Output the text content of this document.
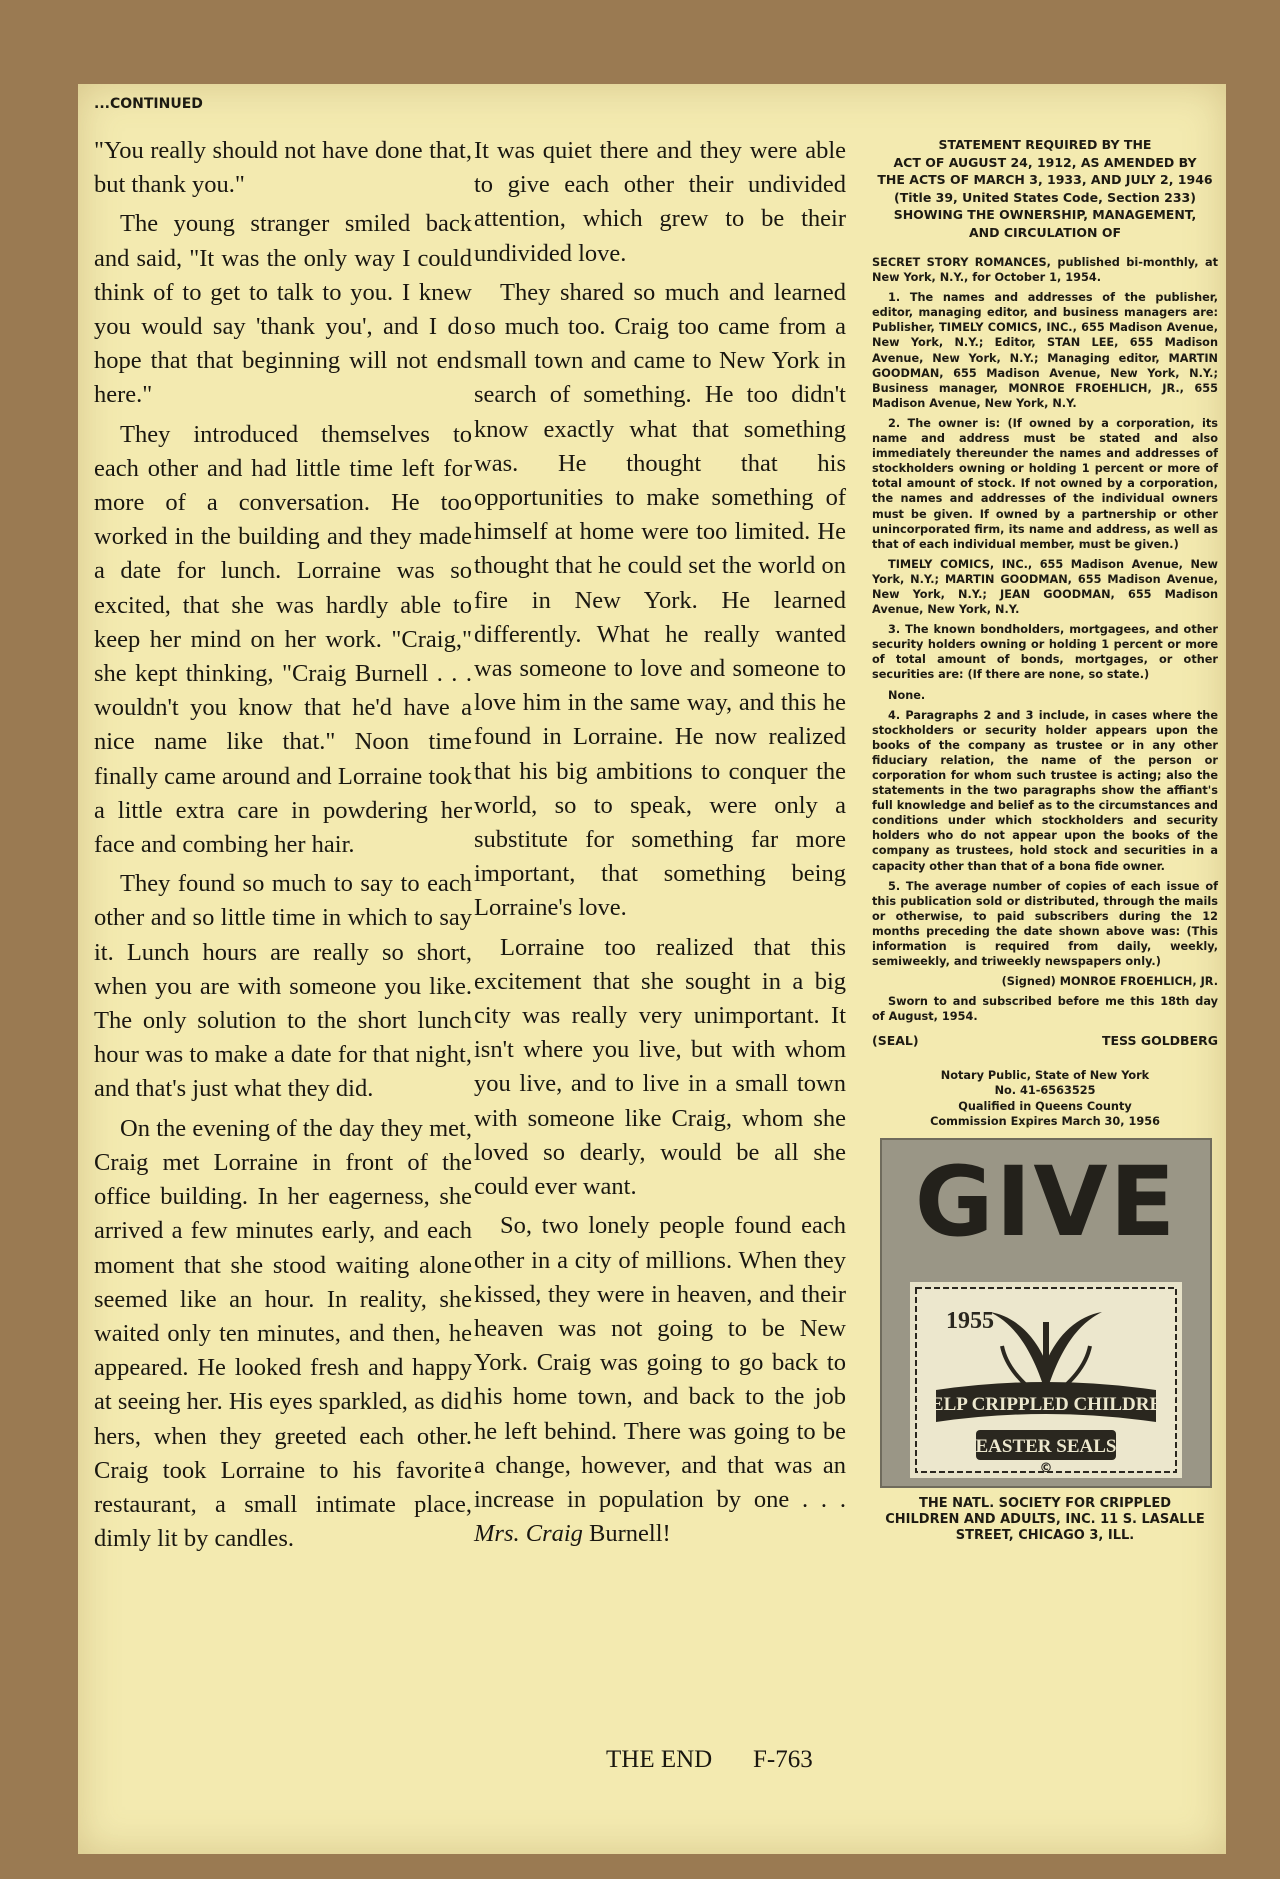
...CONTINUED

"You really should not have done that, but thank you."

The young stranger smiled back and said, "It was the only way I could think of to get to talk to you. I knew you would say 'thank you', and I do hope that that beginning will not end here."

They introduced themselves to each other and had little time left for more of a conversation. He too worked in the building and they made a date for lunch. Lorraine was so excited, that she was hardly able to keep her mind on her work. "Craig," she kept thinking, "Craig Burnell . . . wouldn't you know that he'd have a nice name like that." Noon time finally came around and Lorraine took a little extra care in powdering her face and combing her hair.

They found so much to say to each other and so little time in which to say it. Lunch hours are really so short, when you are with someone you like. The only solution to the short lunch hour was to make a date for that night, and that's just what they did.

On the evening of the day they met, Craig met Lorraine in front of the office building. In her eagerness, she arrived a few minutes early, and each moment that she stood waiting alone seemed like an hour. In reality, she waited only ten minutes, and then, he appeared. He looked fresh and happy at seeing her. His eyes sparkled, as did hers, when they greeted each other. Craig took Lorraine to his favorite restaurant, a small intimate place, dimly lit by candles.

It was quiet there and they were able to give each other their undivided attention, which grew to be their undivided love.

They shared so much and learned so much too. Craig too came from a small town and came to New York in search of something. He too didn't know exactly what that something was. He thought that his opportunities to make something of himself at home were too limited. He thought that he could set the world on fire in New York. He learned differently. What he really wanted was someone to love and someone to love him in the same way, and this he found in Lorraine. He now realized that his big ambitions to conquer the world, so to speak, were only a substitute for something far more important, that something being Lorraine's love.

Lorraine too realized that this excitement that she sought in a big city was really very unimportant. It isn't where you live, but with whom you live, and to live in a small town with someone like Craig, whom she loved so dearly, would be all she could ever want.

So, two lonely people found each other in a city of millions. When they kissed, they were in heaven, and their heaven was not going to be New York. Craig was going to go back to his home town, and back to the job he left behind. There was going to be a change, however, and that was an increase in population by one . . . Mrs. Craig Burnell!

THE END F-763
STATEMENT REQUIRED BY THE
ACT OF AUGUST 24, 1912, AS AMENDED BY
THE ACTS OF MARCH 3, 1933, AND JULY 2, 1946
(Title 39, United States Code, Section 233)
SHOWING THE OWNERSHIP, MANAGEMENT,
AND CIRCULATION OF

SECRET STORY ROMANCES, published bi-monthly, at New York, N.Y., for October 1, 1954.

1. The names and addresses of the publisher, editor, managing editor, and business managers are: Publisher, TIMELY COMICS, INC., 655 Madison Avenue, New York, N.Y.; Editor, STAN LEE, 655 Madison Avenue, New York, N.Y.; Managing editor, MARTIN GOODMAN, 655 Madison Avenue, New York, N.Y.; Business manager, MONROE FROEHLICH, JR., 655 Madison Avenue, New York, N.Y.

2. The owner is: (If owned by a corporation, its name and address must be stated and also immediately thereunder the names and addresses of stockholders owning or holding 1 percent or more of total amount of stock. If not owned by a corporation, the names and addresses of the individual owners must be given. If owned by a partnership or other unincorporated firm, its name and address, as well as that of each individual member, must be given.)

TIMELY COMICS, INC., 655 Madison Avenue, New York, N.Y.; MARTIN GOODMAN, 655 Madison Avenue, New York, N.Y.; JEAN GOODMAN, 655 Madison Avenue, New York, N.Y.

3. The known bondholders, mortgagees, and other security holders owning or holding 1 percent or more of total amount of bonds, mortgages, or other securities are: (If there are none, so state.)

None.

4. Paragraphs 2 and 3 include, in cases where the stockholders or security holder appears upon the books of the company as trustee or in any other fiduciary relation, the name of the person or corporation for whom such trustee is acting; also the statements in the two paragraphs show the affiant's full knowledge and belief as to the circumstances and conditions under which stockholders and security holders who do not appear upon the books of the company as trustees, hold stock and securities in a capacity other than that of a bona fide owner.

5. The average number of copies of each issue of this publication sold or distributed, through the mails or otherwise, to paid subscribers during the 12 months preceding the date shown above was: (This information is required from daily, weekly, semiweekly, and triweekly newspapers only.)

(Signed) MONROE FROEHLICH, JR.

Sworn to and subscribed before me this 18th day of August, 1954.

(SEAL)	TESS GOLDBERG
Notary Public, State of New York
No. 41-6563525
Qualified in Queens County
Commission Expires March 30, 1956
GIVE
HELP CRIPPLED CHILDREN
EASTER SEALS
1955
©
THE NATL. SOCIETY FOR CRIPPLED CHILDREN AND ADULTS, INC. 11 S. LASALLE STREET, CHICAGO 3, ILL.
